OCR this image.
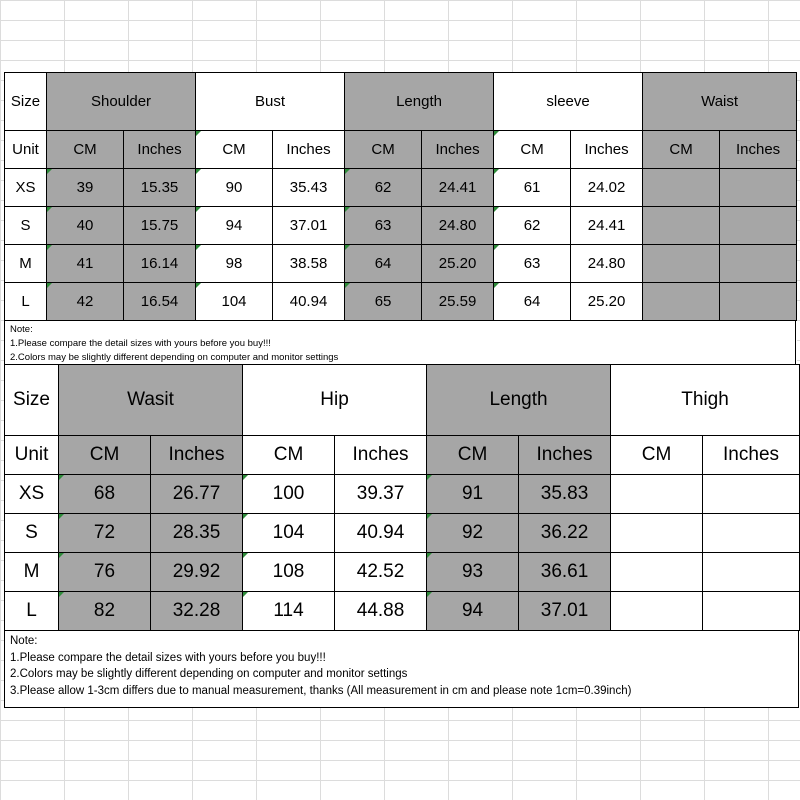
Size	Shoulder		Bust		Length		sleeve		Waist	
Unit	CM	Inches	CM	Inches	CM	Inches	CM	Inches	CM	Inches
XS	39	15.35	90	35.43	62	24.41	61	24.02		
S	40	15.75	94	37.01	63	24.80	62	24.41		
M	41	16.14	98	38.58	64	25.20	63	24.80		
L	42	16.54	104	40.94	65	25.59	64	25.20		
Note:
1.Please compare the detail sizes with yours before you buy!!!
2.Colors may be slightly different depending on computer and monitor settings
Size	Wasit		Hip		Length		Thigh	
Unit	CM	Inches	CM	Inches	CM	Inches	CM	Inches
XS	68	26.77	100	39.37	91	35.83		
S	72	28.35	104	40.94	92	36.22		
M	76	29.92	108	42.52	93	36.61		
L	82	32.28	114	44.88	94	37.01		
Note:
1.Please compare the detail sizes with yours before you buy!!!
2.Colors may be slightly different depending on computer and monitor settings
3.Please allow 1-3cm differs due to manual measurement, thanks (All measurement in cm and please note 1cm=0.39inch)
